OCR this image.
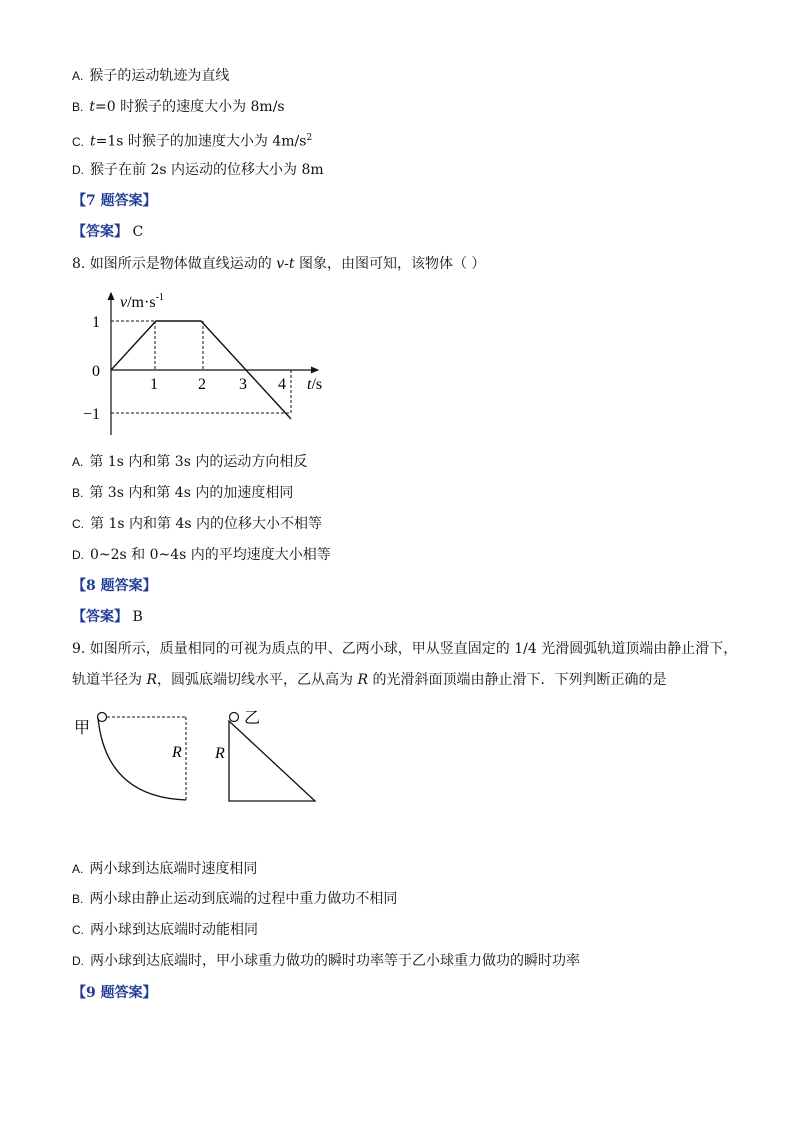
A. 猴子的运动轨迹为直线
B. t=0 时猴子的速度大小为 8m/s
C. t=1s 时猴子的加速度大小为 $4m/s^2$
D. 猴子在前 2s 内运动的位移大小为 8m
【7 题答案】
【答案】 C
8. 如图所示是物体做直线运动的 v-t 图象，由图可知，该物体（ ）
$v/m\cdot s^{-1}$
t/s
1
0
−1
1	2 3 4
A. 第 1s 内和第 3s 内的运动方向相反
B. 第 3s 内和第 4s 内的加速度相同
C. 第 1s 内和第 4s 内的位移大小不相等
D. 0~2s 和 0~4s 内的平均速度大小相等
【8 题答案】
【答案】 B
9. 如图所示，质量相同的可视为质点的甲、乙两小球，甲从竖直固定的 1/4 光滑圆弧轨道顶端由静止滑下，
轨道半径为 R，圆弧底端切线水平，乙从高为 R 的光滑斜面顶端由静止滑下．下列判断正确的是
甲
R
乙
R
A. 两小球到达底端时速度相同
B. 两小球由静止运动到底端的过程中重力做功不相同
C. 两小球到达底端时动能相同
D. 两小球到达底端时，甲小球重力做功的瞬时功率等于乙小球重力做功的瞬时功率
【9 题答案】
